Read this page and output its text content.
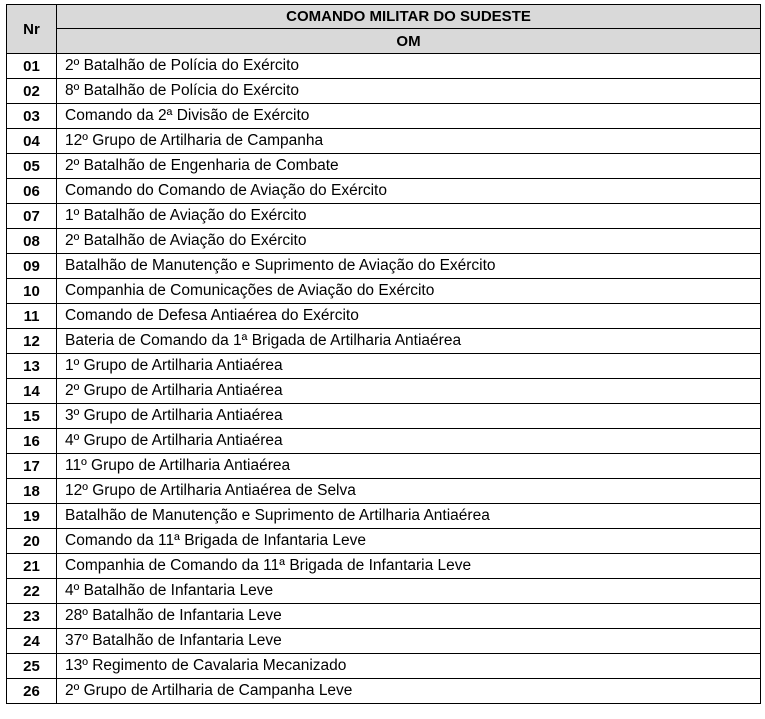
Nr	COMANDO MILITAR DO SUDESTE
	OM
01	2º Batalhão de Polícia do Exército
02	8º Batalhão de Polícia do Exército
03	Comando da 2ª Divisão de Exército
04	12º Grupo de Artilharia de Campanha
05	2º Batalhão de Engenharia de Combate
06	Comando do Comando de Aviação do Exército
07	1º Batalhão de Aviação do Exército
08	2º Batalhão de Aviação do Exército
09	Batalhão de Manutenção e Suprimento de Aviação do Exército
10	Companhia de Comunicações de Aviação do Exército
11	Comando de Defesa Antiaérea do Exército
12	Bateria de Comando da 1ª Brigada de Artilharia Antiaérea
13	1º Grupo de Artilharia Antiaérea
14	2º Grupo de Artilharia Antiaérea
15	3º Grupo de Artilharia Antiaérea
16	4º Grupo de Artilharia Antiaérea
17	11º Grupo de Artilharia Antiaérea
18	12º Grupo de Artilharia Antiaérea de Selva
19	Batalhão de Manutenção e Suprimento de Artilharia Antiaérea
20	Comando da 11ª Brigada de Infantaria Leve
21	Companhia de Comando da 11ª Brigada de Infantaria Leve
22	4º Batalhão de Infantaria Leve
23	28º Batalhão de Infantaria Leve
24	37º Batalhão de Infantaria Leve
25	13º Regimento de Cavalaria Mecanizado
26	2º Grupo de Artilharia de Campanha Leve
